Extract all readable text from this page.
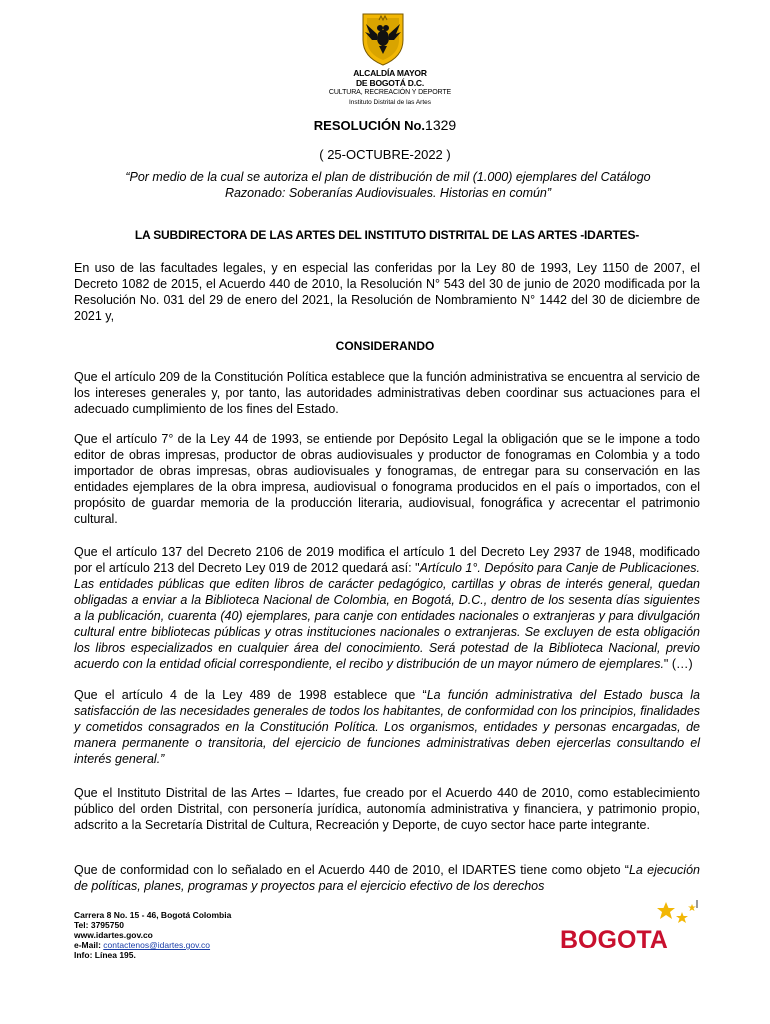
ALCALDÍA MAYOR
DE BOGOTÁ D.C.
CULTURA, RECREACIÓN Y DEPORTE
Instituto Distrital de las Artes
RESOLUCIÓN No.1329
( 25-OCTUBRE-2022 )
“Por medio de la cual se autoriza el plan de distribución de mil (1.000) ejemplares del Catálogo
Razonado: Soberanías Audiovisuales. Historias en común”
LA SUBDIRECTORA DE LAS ARTES DEL INSTITUTO DISTRITAL DE LAS ARTES -IDARTES-
En uso de las facultades legales, y en especial las conferidas por la Ley 80 de 1993, Ley 1150 de 2007, el Decreto 1082 de 2015, el Acuerdo 440 de 2010, la Resolución N° 543 del 30 de junio de 2020 modificada por la Resolución No. 031 del 29 de enero del 2021, la Resolución de Nombramiento N° 1442 del 30 de diciembre de 2021 y,
CONSIDERANDO
Que el artículo 209 de la Constitución Política establece que la función administrativa se encuentra al servicio de los intereses generales y, por tanto, las autoridades administrativas deben coordinar sus actuaciones para el adecuado cumplimiento de los fines del Estado.
Que el artículo 7° de la Ley 44 de 1993, se entiende por Depósito Legal la obligación que se le impone a todo editor de obras impresas, productor de obras audiovisuales y productor de fonogramas en Colombia y a todo importador de obras impresas, obras audiovisuales y fonogramas, de entregar para su conservación en las entidades ejemplares de la obra impresa, audiovisual o fonograma producidos en el país o importados, con el propósito de guardar memoria de la producción literaria, audiovisual, fonográfica y acrecentar el patrimonio cultural.
Que el artículo 137 del Decreto 2106 de 2019 modifica el artículo 1 del Decreto Ley 2937 de 1948, modificado por el artículo 213 del Decreto Ley 019 de 2012 quedará así: "Artículo 1°. Depósito para Canje de Publicaciones. Las entidades públicas que editen libros de carácter pedagógico, cartillas y obras de interés general, quedan obligadas a enviar a la Biblioteca Nacional de Colombia, en Bogotá, D.C., dentro de los sesenta días siguientes a la publicación, cuarenta (40) ejemplares, para canje con entidades nacionales o extranjeras y para divulgación cultural entre bibliotecas públicas y otras instituciones nacionales o extranjeras. Se excluyen de esta obligación los libros especializados en cualquier área del conocimiento. Será potestad de la Biblioteca Nacional, previo acuerdo con la entidad oficial correspondiente, el recibo y distribución de un mayor número de ejemplares." (…)
Que el artículo 4 de la Ley 489 de 1998 establece que “La función administrativa del Estado busca la satisfacción de las necesidades generales de todos los habitantes, de conformidad con los principios, finalidades y cometidos consagrados en la Constitución Política. Los organismos, entidades y personas encargadas, de manera permanente o transitoria, del ejercicio de funciones administrativas deben ejercerlas consultando el interés general.”
Que el Instituto Distrital de las Artes – Idartes, fue creado por el Acuerdo 440 de 2010, como establecimiento público del orden Distrital, con personería jurídica, autonomía administrativa y financiera, y patrimonio propio, adscrito a la Secretaría Distrital de Cultura, Recreación y Deporte, de cuyo sector hace parte integrante.
Que de conformidad con lo señalado en el Acuerdo 440 de 2010, el IDARTES tiene como objeto “La ejecución de políticas, planes, programas y proyectos para el ejercicio efectivo de los derechos
Carrera 8 No. 15 - 46, Bogotá Colombia
Tel: 3795750
www.idartes.gov.co
e-Mail: contactenos@idartes.gov.co
Info: Línea 195.
BOGOTA
